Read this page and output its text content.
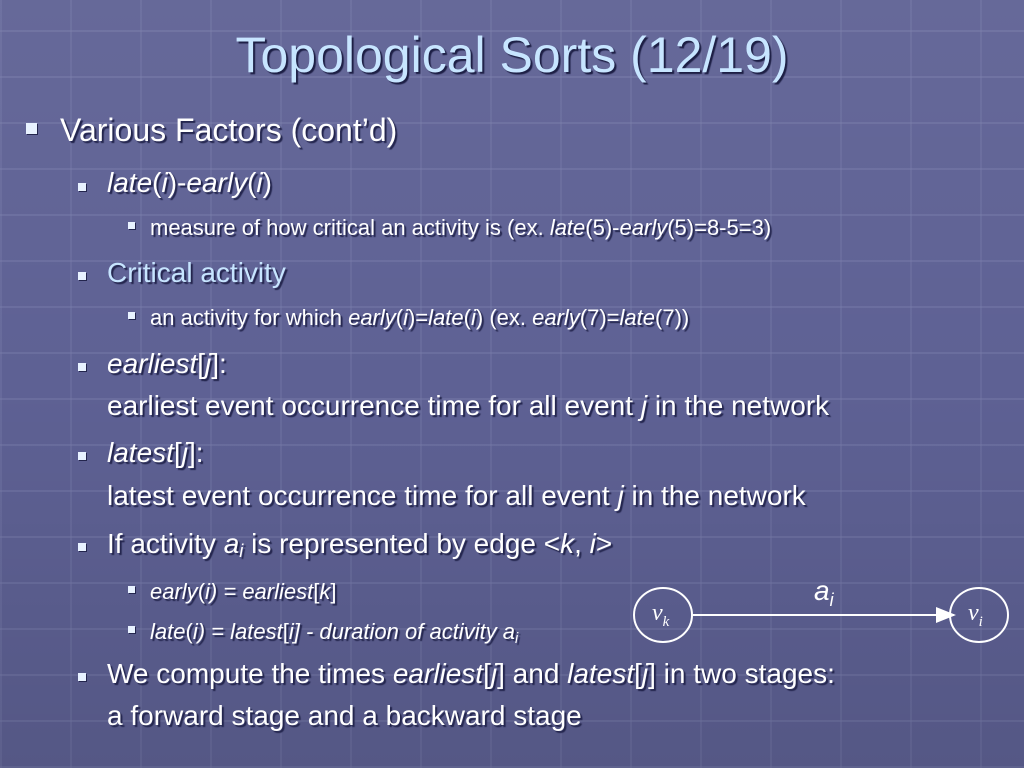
Topological Sorts (12/19)
Various Factors (cont’d)
late(i)-early(i)
measure of how critical an activity is (ex. late(5)-early(5)=8-5=3)
Critical activity
an activity for which early(i)=late(i) (ex. early(7)=late(7))
earliest[j]:
earliest event occurrence time for all event j in the network
latest[j]:
latest event occurrence time for all event j in the network
If activity $a_i$ is represented by edge <k, i>
early(i) = earliest[k]
late(i) = latest[i] - duration of activity $a_i$
We compute the times earliest[j] and latest[j] in two stages:
a forward stage and a backward stage
$a_i$
$v_k$	$v_i$
